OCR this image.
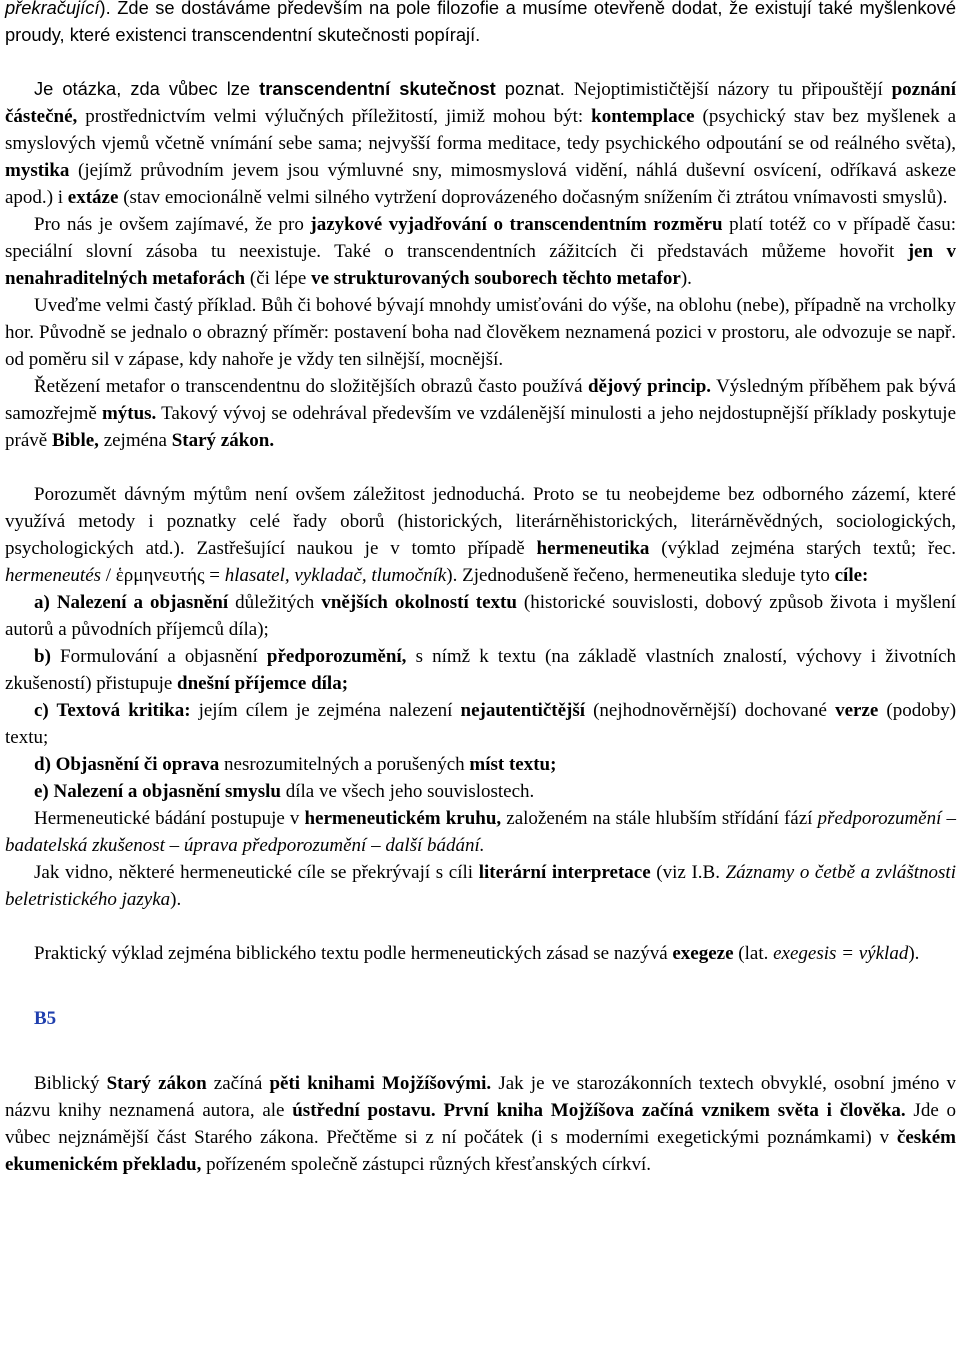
překračující). Zde se dostáváme především na pole filozofie a musíme otevřeně dodat, že existují také myšlenkové proudy, které existenci transcendentní skutečnosti popírají.

Je otázka, zda vůbec lze transcendentní skutečnost poznat. Nejoptimističtější názory tu připouštějí poznání částečné, prostřednictvím velmi výlučných příležitostí, jimiž mohou být: kontemplace (psychický stav bez myšlenek a smyslových vjemů včetně vnímání sebe sama; nejvyšší forma meditace, tedy psychického odpoutání se od reálného světa), mystika (jejímž průvodním jevem jsou výmluvné sny, mimosmyslová vidění, náhlá duševní osvícení, odříkavá askeze apod.) i extáze (stav emocionálně velmi silného vytržení doprovázeného dočasným snížením či ztrátou vnímavosti smyslů).

Pro nás je ovšem zajímavé, že pro jazykové vyjadřování o transcendentním rozměru platí totéž co v případě času: speciální slovní zásoba tu neexistuje. Také o transcendentních zážitcích či představách můžeme hovořit jen v nenahraditelných metaforách (či lépe ve strukturovaných souborech těchto metafor).

Uveďme velmi častý příklad. Bůh či bohové bývají mnohdy umisťováni do výše, na oblohu (nebe), případně na vrcholky hor. Původně se jednalo o obrazný příměr: postavení boha nad člověkem neznamená pozici v prostoru, ale odvozuje se např. od poměru sil v zápase, kdy nahoře je vždy ten silnější, mocnější.

Řetězení metafor o transcendentnu do složitějších obrazů často používá dějový princip. Výsledným příběhem pak bývá samozřejmě mýtus. Takový vývoj se odehrával především ve vzdálenější minulosti a jeho nejdostupnější příklady poskytuje právě Bible, zejména Starý zákon.

Porozumět dávným mýtům není ovšem záležitost jednoduchá. Proto se tu neobejdeme bez odborného zázemí, které využívá metody i poznatky celé řady oborů (historických, literárněhistorických, literárněvědných, sociologických, psychologických atd.). Zastřešující naukou je v tomto případě hermeneutika (výklad zejména starých textů; řec. hermeneutés / ἑρμηνευτής = hlasatel, vykladač, tlumočník). Zjednodušeně řečeno, hermeneutika sleduje tyto cíle:

a) Nalezení a objasnění důležitých vnějších okolností textu (historické souvislosti, dobový způsob života i myšlení autorů a původních příjemců díla);

b) Formulování a objasnění předporozumění, s nímž k textu (na základě vlastních znalostí, výchovy i životních zkušeností) přistupuje dnešní příjemce díla;

c) Textová kritika: jejím cílem je zejména nalezení nejautentičtější (nejhodnověrnější) dochované verze (podoby) textu;

d) Objasnění či oprava nesrozumitelných a porušených míst textu;

e) Nalezení a objasnění smyslu díla ve všech jeho souvislostech.

Hermeneutické bádání postupuje v hermeneutickém kruhu, založeném na stále hlubším střídání fází předporozumění – badatelská zkušenost – úprava předporozumění – další bádání.

Jak vidno, některé hermeneutické cíle se překrývají s cíli literární interpretace (viz I.B. Záznamy o četbě a zvláštnosti beletristického jazyka).

Praktický výklad zejména biblického textu podle hermeneutických zásad se nazývá exegeze (lat. exegesis = výklad).

B5

Biblický Starý zákon začíná pěti knihami Mojžíšovými. Jak je ve starozákonních textech obvyklé, osobní jméno v názvu knihy neznamená autora, ale ústřední postavu. První kniha Mojžíšova začíná vznikem světa i člověka. Jde o vůbec nejznámější část Starého zákona. Přečtěme si z ní počátek (i s moderními exegetickými poznámkami) v českém ekumenickém překladu, pořízeném společně zástupci různých křesťanských církví.
